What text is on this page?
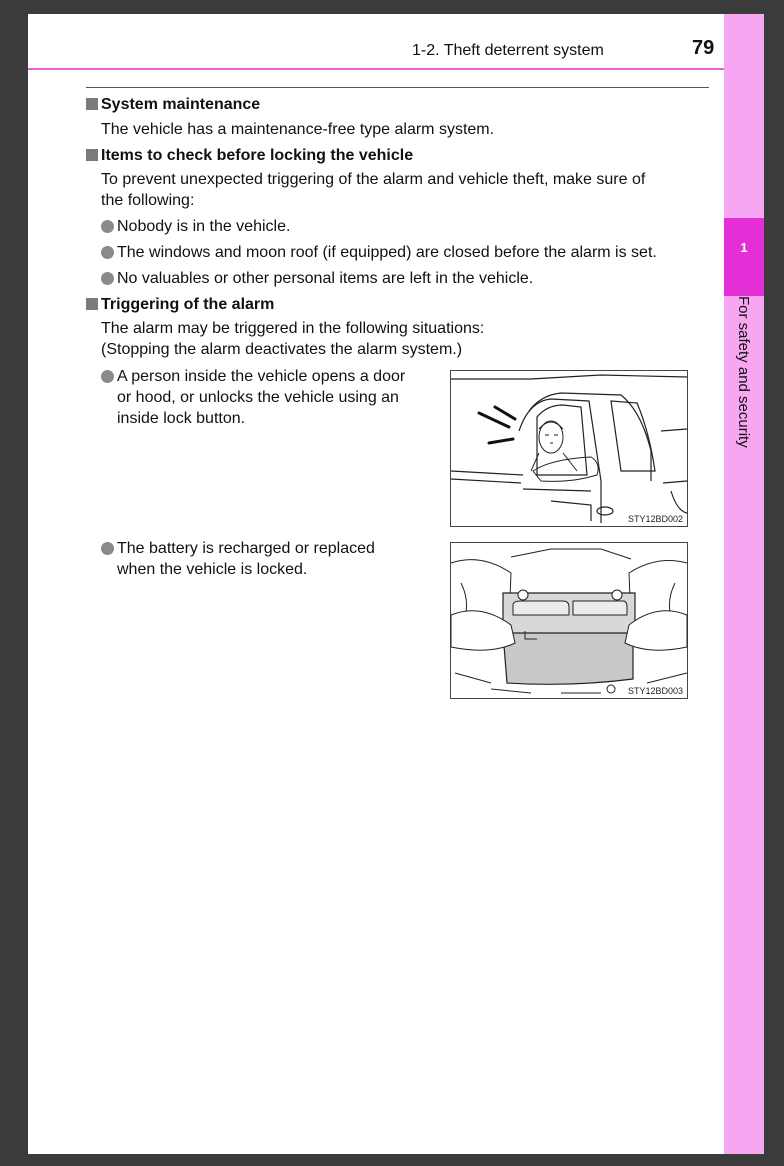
1-2. Theft deterrent system	79
1
For safety and security
System maintenance
The vehicle has a maintenance-free type alarm system.
Items to check before locking the vehicle
To prevent unexpected triggering of the alarm and vehicle theft, make sure of
the following:
Nobody is in the vehicle.
The windows and moon roof (if equipped) are closed before the alarm is set.
No valuables or other personal items are left in the vehicle.
Triggering of the alarm
The alarm may be triggered in the following situations:
(Stopping the alarm deactivates the alarm system.)
A person inside the vehicle opens a door
or hood, or unlocks the vehicle using an
inside lock button.
STY12BD002
The battery is recharged or replaced
when the vehicle is locked.
STY12BD003
